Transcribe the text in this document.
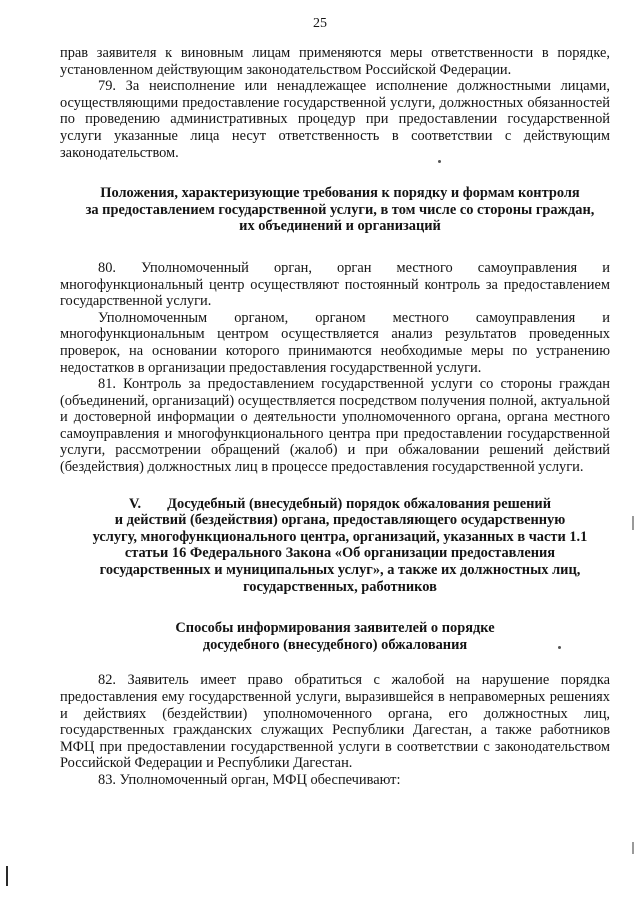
25

прав заявителя к виновным лицам применяются меры ответственности в порядке, установленном действующим законодательством Российской Федерации.

79. За неисполнение или ненадлежащее исполнение должностными лицами, осуществляющими предоставление государственной услуги, должностных обязанностей по проведению административных процедур при предоставлении государственной услуги указанные лица несут ответственность в соответствии с действующим законодательством.

Положения, характеризующие требования к порядку и формам контроля
за предоставлением государственной услуги, в том числе со стороны граждан,
их объединений и организаций

80. Уполномоченный орган, орган местного самоуправления и многофункциональный центр осуществляют постоянный контроль за предоставлением государственной услуги.

Уполномоченным органом, органом местного самоуправления и многофункциональным центром осуществляется анализ результатов проведенных проверок, на основании которого принимаются необходимые меры по устранению недостатков в организации предоставления государственной услуги.

81. Контроль за предоставлением государственной услуги со стороны граждан (объединений, организаций) осуществляется посредством получения полной, актуальной и достоверной информации о деятельности уполномоченного органа, органа местного самоуправления и многофункционального центра при предоставлении государственной услуги, рассмотрении обращений (жалоб) и при обжаловании решений действий (бездействия) должностных лиц в процессе предоставления государственной услуги.

V. Досудебный (внесудебный) порядок обжалования решений
и действий (бездействия) органа, предоставляющего осударственную
услугу, многофункционального центра, организаций, указанных в части 1.1
статьи 16 Федерального Закона «Об организации предоставления
государственных и муниципальных услуг», а также их должностных лиц,
государственных, работников
Способы информирования заявителей о порядке
досудебного (внесудебного) обжалования

82. Заявитель имеет право обратиться с жалобой на нарушение порядка предоставления ему государственной услуги, выразившейся в неправомерных решениях и действиях (бездействии) уполномоченного органа, его должностных лиц, государственных гражданских служащих Республики Дагестан, а также работников МФЦ при предоставлении государственной услуги в соответствии с законодательством Российской Федерации и Республики Дагестан.

83. Уполномоченный орган, МФЦ обеспечивают:
